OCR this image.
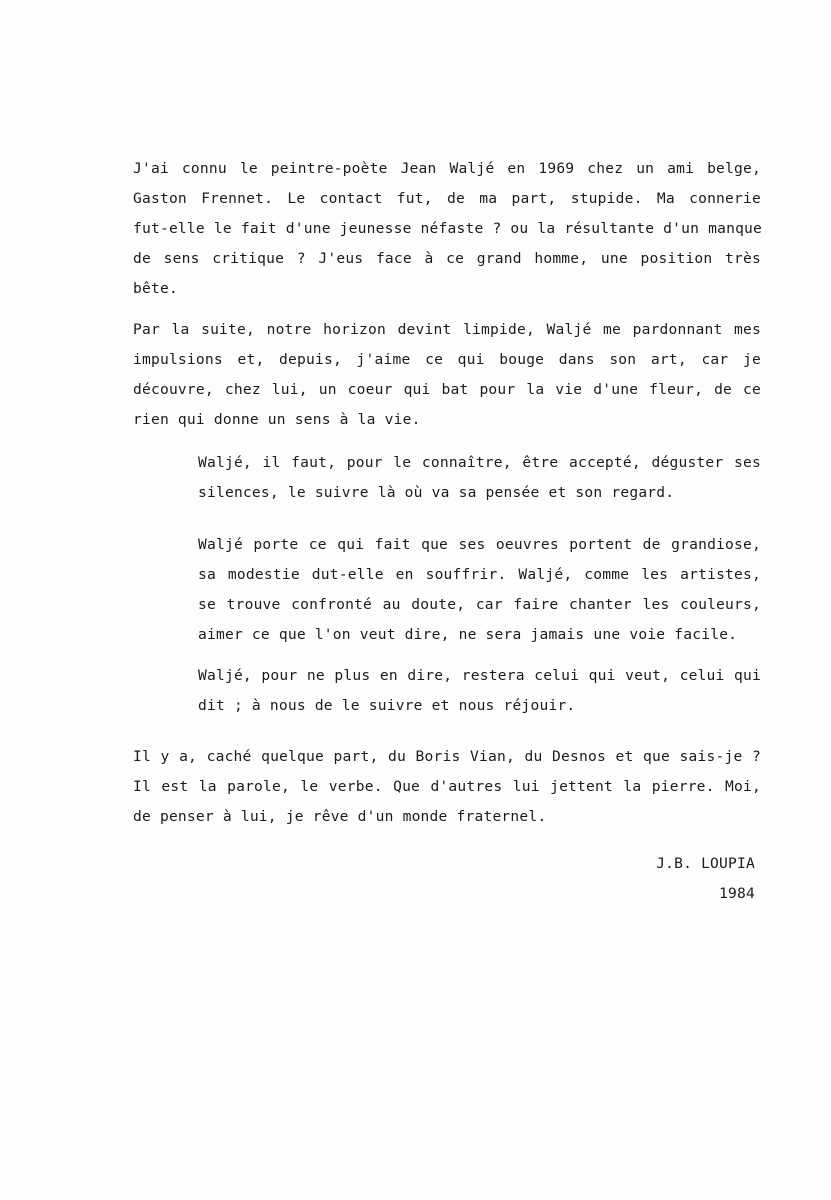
J'ai connu le peintre-poète Jean Waljé en 1969 chez un ami belge,
Gaston Frennet. Le contact fut, de ma part, stupide. Ma connerie
fut-elle le fait d'une jeunesse néfaste ? ou la résultante d'un manque
de sens critique ? J'eus face à ce grand homme, une position très
bête.

Par la suite, notre horizon devint limpide, Waljé me pardonnant mes
impulsions et, depuis, j'aime ce qui bouge dans son art, car je
découvre, chez lui, un coeur qui bat pour la vie d'une fleur, de ce
rien qui donne un sens à la vie.

Waljé, il faut, pour le connaître, être accepté, déguster ses
silences, le suivre là où va sa pensée et son regard.

Waljé porte ce qui fait que ses oeuvres portent de grandiose,
sa modestie dut-elle en souffrir. Waljé, comme les artistes,
se trouve confronté au doute, car faire chanter les couleurs,
aimer ce que l'on veut dire, ne sera jamais une voie facile.

Waljé, pour ne plus en dire, restera celui qui veut, celui qui
dit ; à nous de le suivre et nous réjouir.

Il y a, caché quelque part, du Boris Vian, du Desnos et que sais-je ?
Il est la parole, le verbe. Que d'autres lui jettent la pierre. Moi,
de penser à lui, je rêve d'un monde fraternel.

J.B. LOUPIA
1984
